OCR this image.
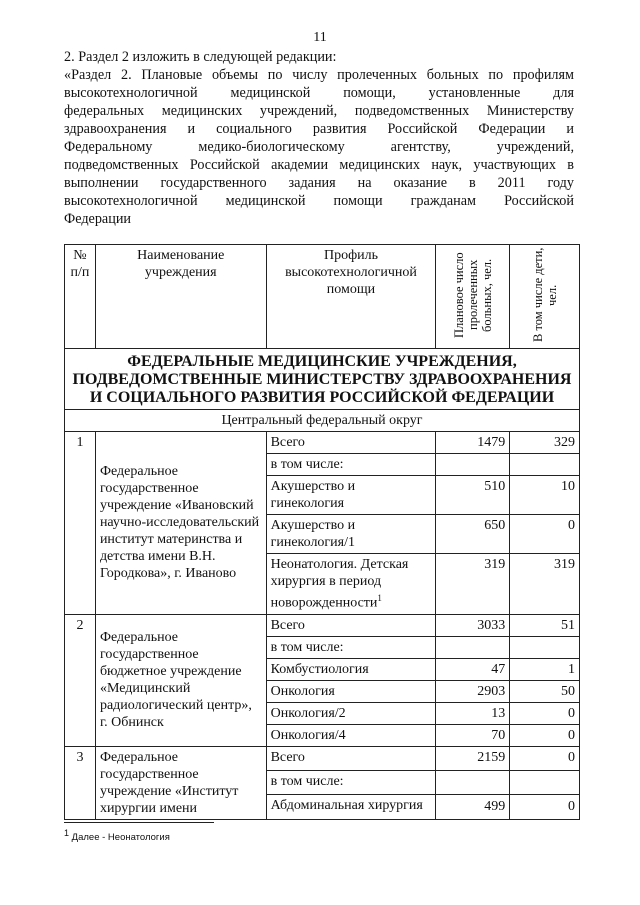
11

2. Раздел 2 изложить в следующей редакции:

«Раздел 2. Плановые объемы по числу пролеченных больных по профилям

высокотехнологичной медицинской помощи, установленные для

федеральных медицинских учреждений, подведомственных Министерству

здравоохранения и социального развития Российской Федерации и

Федеральному медико-биологическому агентству, учреждений,

подведомственных Российской академии медицинских наук, участвующих в

выполнении государственного задания на оказание в 2011 году

высокотехнологичной медицинской помощи гражданам Российской

Федерации

№ п/п	Наименование учреждения	Профиль высокотехнологичной помощи	Плановое число пролеченных больных, чел.	В том числе дети, чел.

ФЕДЕРАЛЬНЫЕ МЕДИЦИНСКИЕ УЧРЕЖДЕНИЯ, ПОДВЕДОМСТВЕННЫЕ МИНИСТЕРСТВУ ЗДРАВООХРАНЕНИЯ И СОЦИАЛЬНОГО РАЗВИТИЯ РОССИЙСКОЙ ФЕДЕРАЦИИ				
Центральный федеральный округ				
1	Федеральное государственное учреждение «Ивановский научно-исследовательский институт материнства и детства имени В.Н. Городкова», г. Иваново	Всего	1479	329
		в том числе:		
		Акушерство и гинекология	510	10
		Акушерство и гинекология/1	650	0
		Неонатология. Детская хирургия в период новорожденности$^1$	319	319
2	Федеральное государственное бюджетное учреждение «Медицинский радиологический центр», г. Обнинск	Всего	3033	51
		в том числе:		
		Комбустиология	47	1
		Онкология	2903	50
		Онкология/2	13	0
		Онкология/4	70	0
3	Федеральное государственное учреждение «Институт хирургии имени	Всего	2159	0
		в том числе:		
		Абдоминальная хирургия	499	0
$^1$ Далее - Неонатология
